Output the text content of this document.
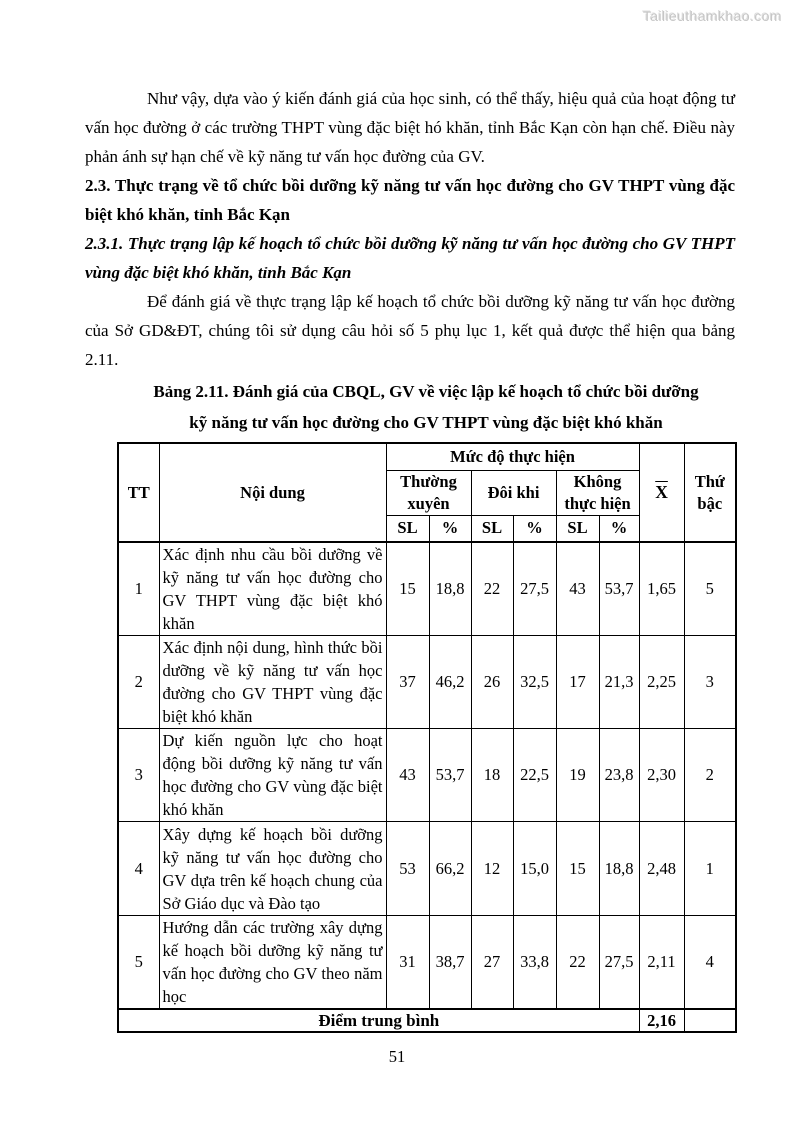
Tailieuthamkhao.com

Như vậy, dựa vào ý kiến đánh giá của học sinh, có thể thấy, hiệu quả của hoạt động tư vấn học đường ở các trường THPT vùng đặc biệt hó khăn, tỉnh Bắc Kạn còn hạn chế. Điều này phản ánh sự hạn chế về kỹ năng tư vấn học đường của GV.

2.3. Thực trạng về tổ chức bồi dưỡng kỹ năng tư vấn học đường cho GV THPT vùng đặc biệt khó khăn, tỉnh Bắc Kạn

2.3.1. Thực trạng lập kế hoạch tổ chức bồi dưỡng kỹ năng tư vấn học đường cho GV THPT vùng đặc biệt khó khăn, tỉnh Bắc Kạn

Để đánh giá về thực trạng lập kế hoạch tổ chức bồi dưỡng kỹ năng tư vấn học đường của Sở GD&ĐT, chúng tôi sử dụng câu hỏi số 5 phụ lục 1, kết quả được thể hiện qua bảng 2.11.

Bảng 2.11. Đánh giá của CBQL, GV về việc lập kế hoạch tổ chức bồi dưỡng
kỹ năng tư vấn học đường cho GV THPT vùng đặc biệt khó khăn
TT	Nội dung	Mức độ thực hiện						$\overline{X}$	Thứ bậc
		Thường xuyên		Đôi khi		Không thực hiện			
		SL	%	SL	%	SL	%		
1	Xác định nhu cầu bồi dưỡng về kỹ năng tư vấn học đường cho GV THPT vùng đặc biệt khó khăn	15	18,8	22	27,5	43	53,7	1,65	5
2	Xác định nội dung, hình thức bồi dưỡng về kỹ năng tư vấn học đường cho GV THPT vùng đặc biệt khó khăn	37	46,2	26	32,5	17	21,3	2,25	3
3	Dự kiến nguồn lực cho hoạt động bồi dưỡng kỹ năng tư vấn học đường cho GV vùng đặc biệt khó khăn	43	53,7	18	22,5	19	23,8	2,30	2
4	Xây dựng kế hoạch bồi dưỡng kỹ năng tư vấn học đường cho GV dựa trên kế hoạch chung của Sở Giáo dục và Đào tạo	53	66,2	12	15,0	15	18,8	2,48	1
5	Hướng dẫn các trường xây dựng kế hoạch bồi dưỡng kỹ năng tư vấn học đường cho GV theo năm học	31	38,7	27	33,8	22	27,5	2,11	4
Điểm trung bình								2,16	
51
